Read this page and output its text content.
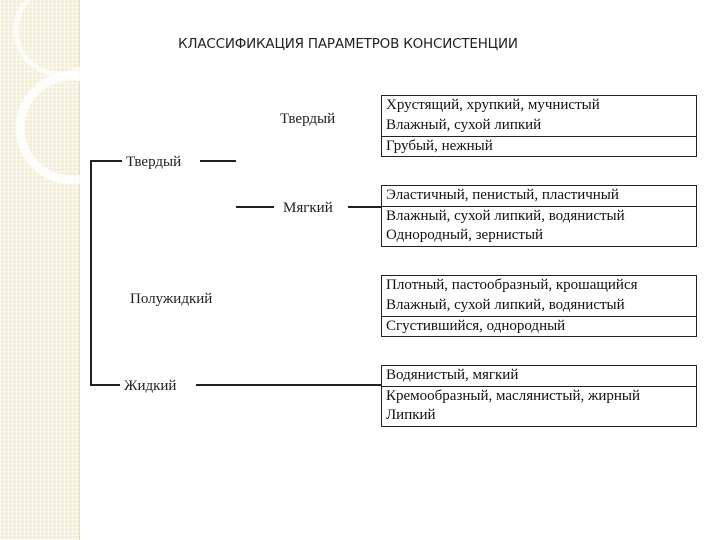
КЛАССИФИКАЦИЯ ПАРАМЕТРОВ КОНСИСТЕНЦИИ
Твердый
Полужидкий
Жидкий
Твердый
Мягкий
Хрустящий, хрупкий, мучнистый
Влажный, сухой липкий
Грубый, нежный
Эластичный, пенистый, пластичный
Влажный, сухой липкий, водянистый
Однородный, зернистый
Плотный, пастообразный, крошащийся
Влажный, сухой липкий, водянистый
Сгустившийся, однородный
Водянистый, мягкий
Кремообразный, маслянистый, жирный
Липкий
